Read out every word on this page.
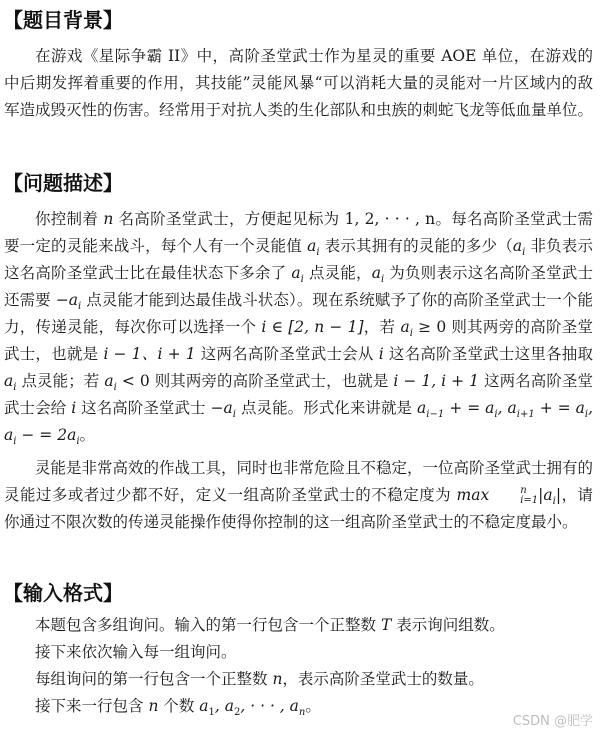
【题目背景】

在游戏《星际争霸 II》中，高阶圣堂武士作为星灵的重要 AOE 单位，在游戏的中后期发挥着重要的作用，其技能”灵能风暴“可以消耗大量的灵能对一片区域内的敌军造成毁灭性的伤害。经常用于对抗人类的生化部队和虫族的刺蛇飞龙等低血量单位。

【问题描述】

你控制着 n 名高阶圣堂武士，方便起见标为 1, 2, · · · , n。每名高阶圣堂武士需要一定的灵能来战斗，每个人有一个灵能值 $a_i$ 表示其拥有的灵能的多少（$a_i$ 非负表示这名高阶圣堂武士比在最佳状态下多余了 $a_i$ 点灵能，$a_i$ 为负则表示这名高阶圣堂武士还需要 $-a_i$ 点灵能才能到达最佳战斗状态）。现在系统赋予了你的高阶圣堂武士一个能力，传递灵能，每次你可以选择一个 i ∈ [2, n − 1]，若 $a_i \ge 0$ 则其两旁的高阶圣堂武士，也就是 i − 1、i + 1 这两名高阶圣堂武士会从 i 这名高阶圣堂武士这里各抽取 $a_i$ 点灵能；若 $a_i < 0$ 则其两旁的高阶圣堂武士，也就是 i − 1, i + 1 这两名高阶圣堂武士会给 i 这名高阶圣堂武士 $-a_i$ 点灵能。形式化来讲就是 $a_{i-1}$ + = $a_i$, $a_{i+1}$ + = $a_i$, $a_i$ − = $2a_i$。

灵能是非常高效的作战工具，同时也非常危险且不稳定，一位高阶圣堂武士拥有的灵能过多或者过少都不好，定义一组高阶圣堂武士的不稳定度为 max	n
i=1 $|a_i|$，请你通过不限次数的传递灵能操作使得你控制的这一组高阶圣堂武士的不稳定度最小。

【输入格式】

本题包含多组询问。输入的第一行包含一个正整数 T 表示询问组数。

接下来依次输入每一组询问。

每组询问的第一行包含一个正整数 n，表示高阶圣堂武士的数量。

接下来一行包含 n 个数 $a_1$, $a_2$, · · · , $a_n$。

CSDN @肥学
